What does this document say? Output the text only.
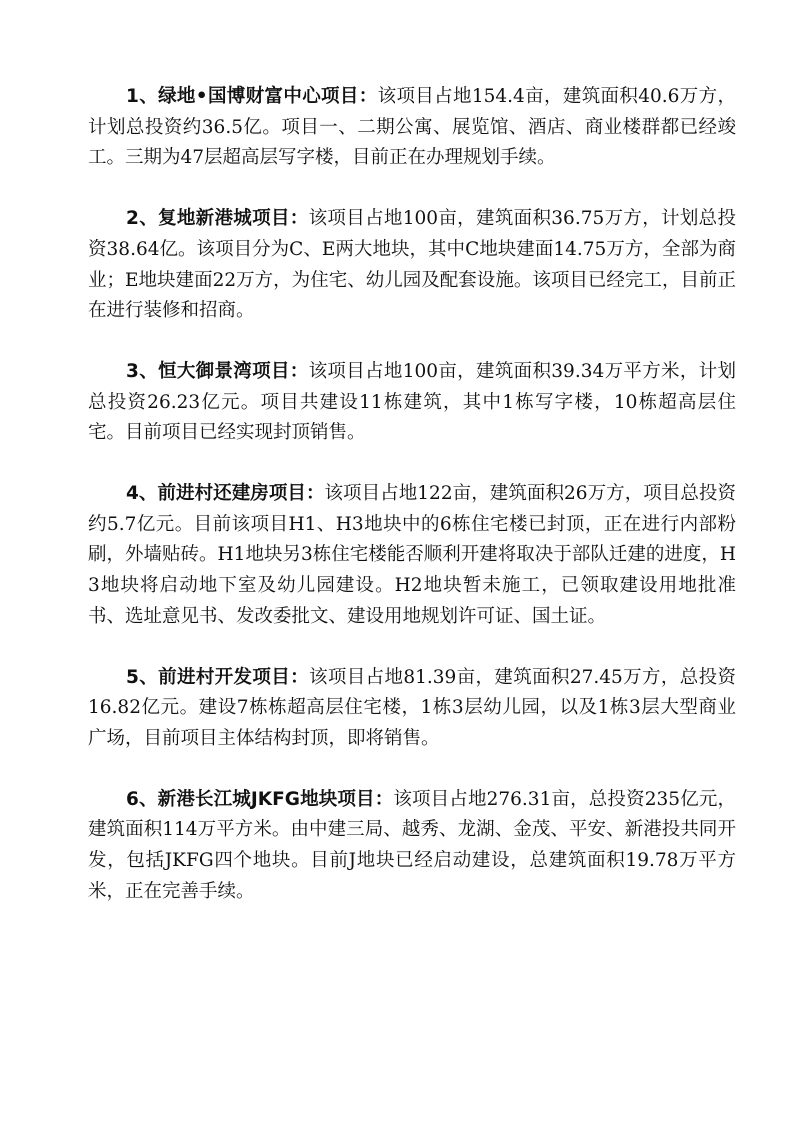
1、绿地•国博财富中心项目：该项目占地154.4亩，建筑面积40.6万方，计划总投资约36.5亿。项目一、二期公寓、展览馆、酒店、商业楼群都已经竣工。三期为47层超高层写字楼，目前正在办理规划手续。

2、复地新港城项目：该项目占地100亩，建筑面积36.75万方，计划总投资38.64亿。该项目分为C、E两大地块，其中C地块建面14.75万方，全部为商业；E地块建面22万方，为住宅、幼儿园及配套设施。该项目已经完工，目前正在进行装修和招商。

3、恒大御景湾项目：该项目占地100亩，建筑面积39.34万平方米，计划总投资26.23亿元。项目共建设11栋建筑，其中1栋写字楼，10栋超高层住宅。目前项目已经实现封顶销售。

4、前进村还建房项目：该项目占地122亩，建筑面积26万方，项目总投资约5.7亿元。目前该项目H1、H3地块中的6栋住宅楼已封顶，正在进行内部粉刷，外墙贴砖。H1地块另3栋住宅楼能否顺利开建将取决于部队迁建的进度，H3地块将启动地下室及幼儿园建设。H2地块暂未施工，已领取建设用地批准书、选址意见书、发改委批文、建设用地规划许可证、国土证。

5、前进村开发项目：该项目占地81.39亩，建筑面积27.45万方，总投资16.82亿元。建设7栋栋超高层住宅楼，1栋3层幼儿园，以及1栋3层大型商业广场，目前项目主体结构封顶，即将销售。

6、新港长江城JKFG地块项目：该项目占地276.31亩，总投资235亿元，建筑面积114万平方米。由中建三局、越秀、龙湖、金茂、平安、新港投共同开发，包括JKFG四个地块。目前J地块已经启动建设，总建筑面积19.78万平方米，正在完善手续。
